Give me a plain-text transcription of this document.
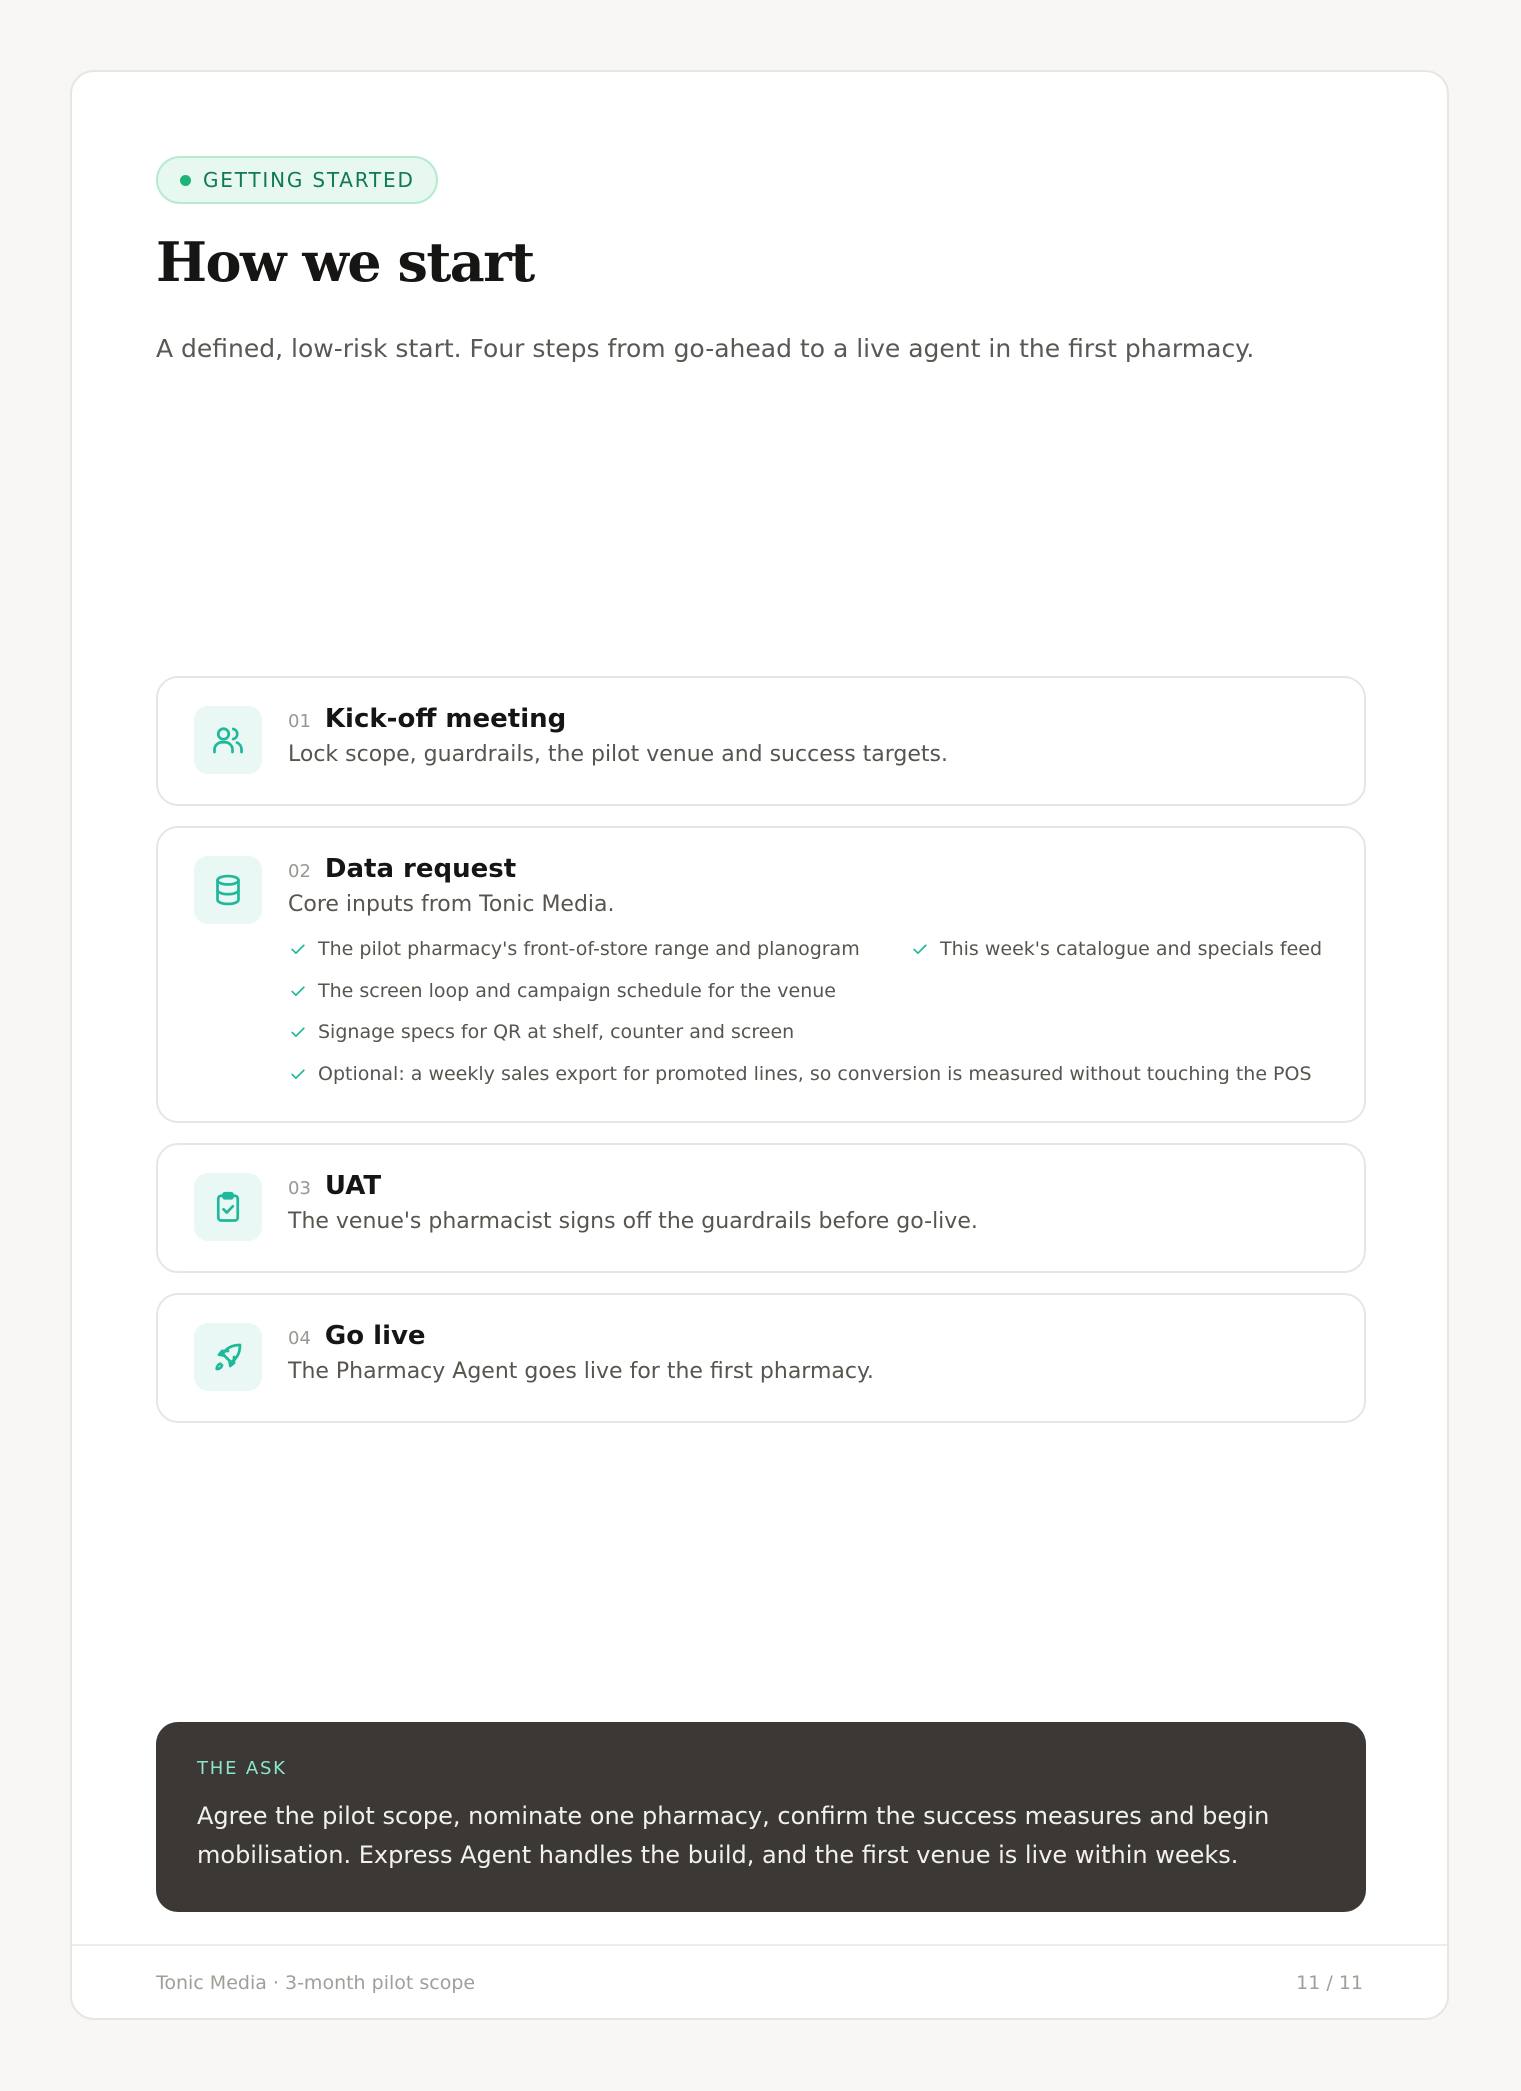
GETTING STARTED
How we start

A defined, low-risk start. Four steps from go-ahead to a live agent in the first pharmacy.

01 Kick-off meeting
Lock scope, guardrails, the pilot venue and success targets.
02 Data request
Core inputs from Tonic Media.
The pilot pharmacy's front-of-store range and planogram	This week's catalogue and specials feed
The screen loop and campaign schedule for the venue
Signage specs for QR at shelf, counter and screen
Optional: a weekly sales export for promoted lines, so conversion is measured without touching the POS
03 UAT
The venue's pharmacist signs off the guardrails before go-live.
04 Go live
The Pharmacy Agent goes live for the first pharmacy.
THE ASK
Agree the pilot scope, nominate one pharmacy, confirm the success measures and begin mobilisation. Express Agent handles the build, and the first venue is live within weeks.
Tonic Media · 3-month pilot scope	11 / 11
